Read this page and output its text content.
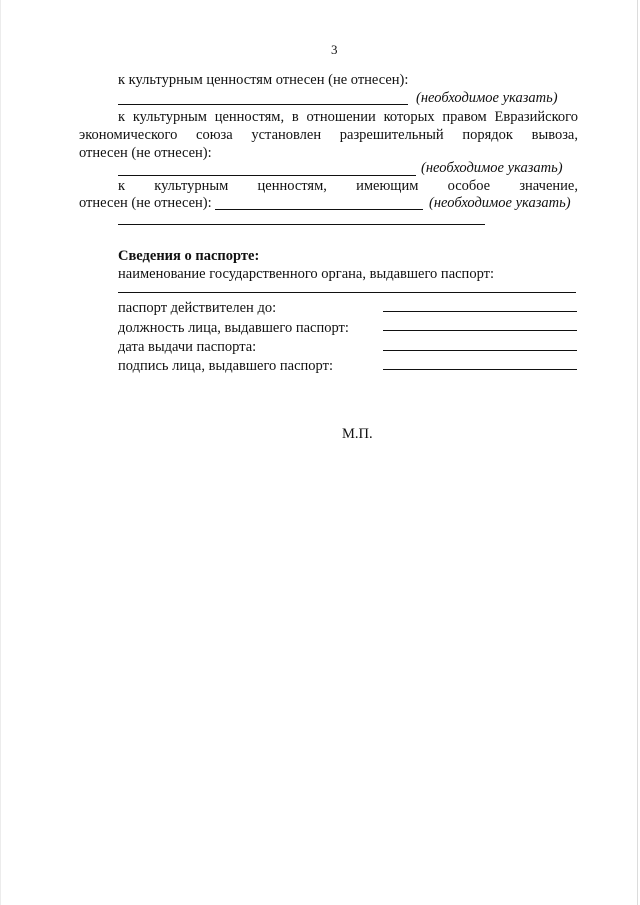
3
к культурным ценностям отнесен (не отнесен):
(необходимое указать)
к культурным ценностям, в отношении которых правом Евразийского
экономического союза установлен разрешительный порядок вывоза,
отнесен (не отнесен):
(необходимое указать)
к культурным ценностям, имеющим особое значение,
отнесен (не отнесен):	(необходимое указать)
Сведения о паспорте:
наименование государственного органа, выдавшего паспорт:
паспорт действителен до:
должность лица, выдавшего паспорт:
дата выдачи паспорта:
подпись лица, выдавшего паспорт:
М.П.
